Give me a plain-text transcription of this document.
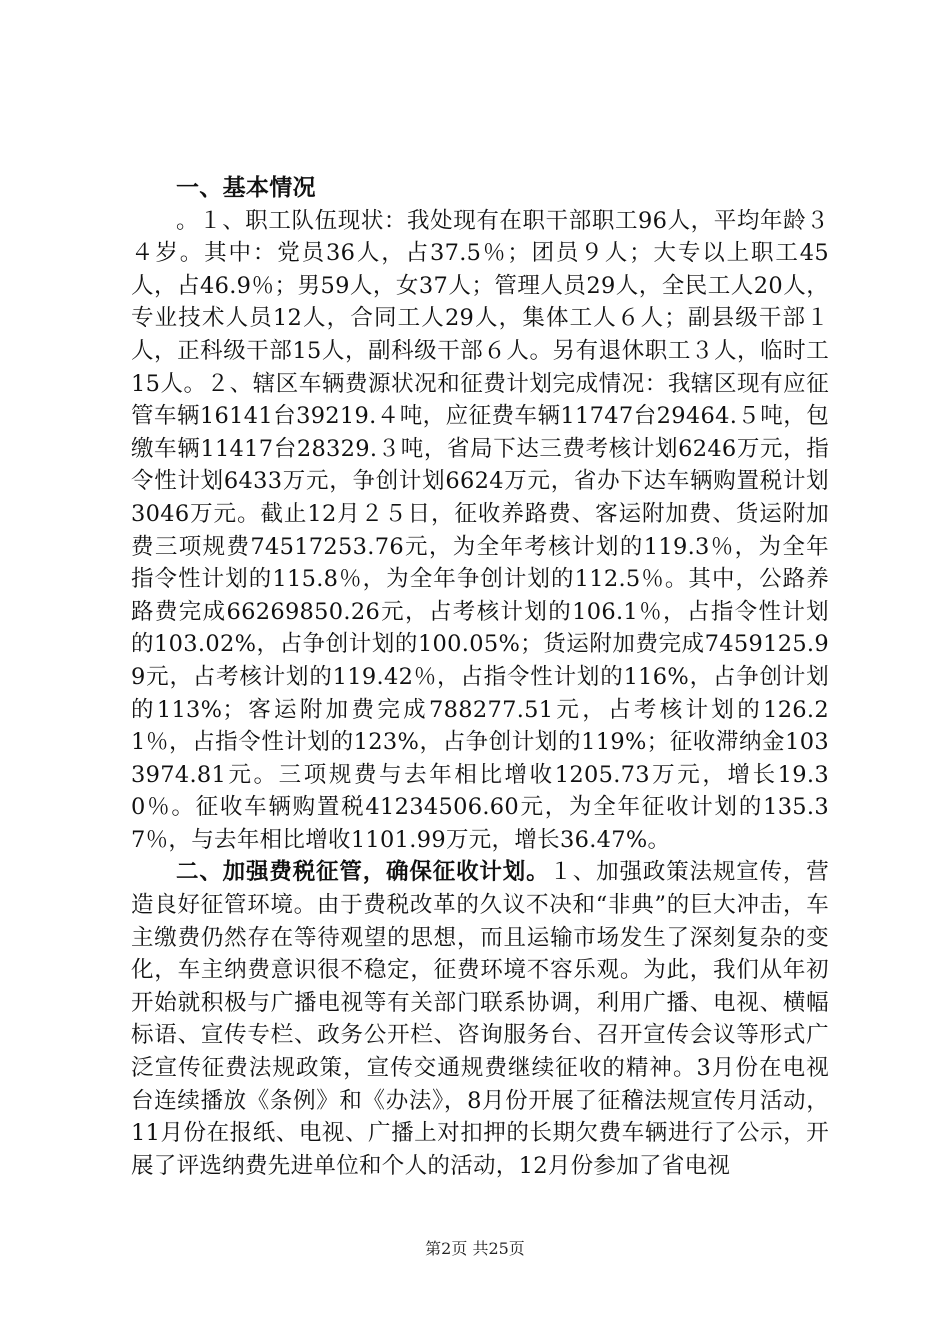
一、基本情况

。１、职工队伍现状：我处现有在职干部职工96人，平均年龄３４岁。其中：党员36人，占37.5％；团员９人；大专以上职工45人，占46.9％；男59人，女37人；管理人员29人，全民工人20人，专业技术人员12人，合同工人29人，集体工人６人；副县级干部１人，正科级干部15人，副科级干部６人。另有退休职工３人，临时工15人。２、辖区车辆费源状况和征费计划完成情况：我辖区现有应征管车辆16141台39219.４吨，应征费车辆11747台29464.５吨，包缴车辆11417台28329.３吨，省局下达三费考核计划6246万元，指令性计划6433万元，争创计划6624万元，省办下达车辆购置税计划3046万元。截止12月２５日，征收养路费、客运附加费、货运附加费三项规费74517253.76元，为全年考核计划的119.3％，为全年指令性计划的115.8％，为全年争创计划的112.5％。其中，公路养路费完成66269850.26元，占考核计划的106.1％，占指令性计划的103.02%，占争创计划的100.05%；货运附加费完成7459125.99元，占考核计划的119.42％，占指令性计划的116%，占争创计划的113%；客运附加费完成788277.51元，占考核计划的126.21％，占指令性计划的123%，占争创计划的119%；征收滞纳金1033974.81元。三项规费与去年相比增收1205.73万元，增长19.30％。征收车辆购置税41234506.60元，为全年征收计划的135.37％，与去年相比增收1101.99万元，增长36.47%。

二、加强费税征管，确保征收计划。１、加强政策法规宣传，营造良好征管环境。由于费税改革的久议不决和“非典”的巨大冲击，车主缴费仍然存在等待观望的思想，而且运输市场发生了深刻复杂的变化，车主纳费意识很不稳定，征费环境不容乐观。为此，我们从年初开始就积极与广播电视等有关部门联系协调，利用广播、电视、横幅标语、宣传专栏、政务公开栏、咨询服务台、召开宣传会议等形式广泛宣传征费法规政策，宣传交通规费继续征收的精神。3月份在电视台连续播放《条例》和《办法》，8月份开展了征稽法规宣传月活动，11月份在报纸、电视、广播上对扣押的长期欠费车辆进行了公示，开展了评选纳费先进单位和个人的活动，12月份参加了省电视

第2页 共25页
